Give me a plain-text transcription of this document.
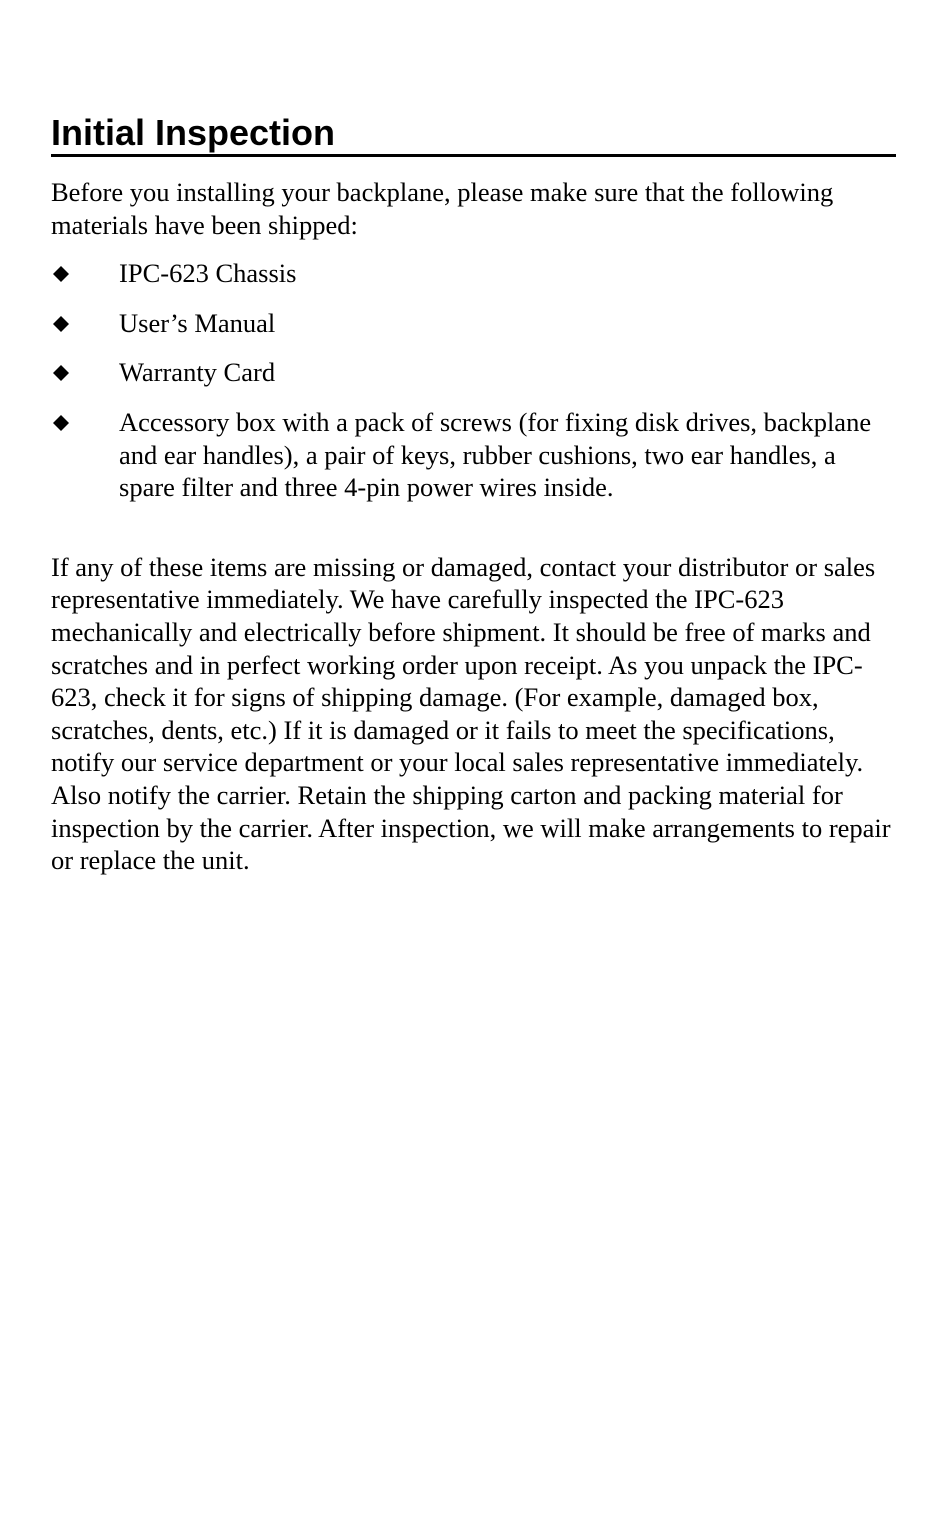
Initial Inspection

Before you installing your backplane, please make sure that the following materials have been shipped:

IPC-623 Chassis
User’s Manual
Warranty Card
Accessory box with a pack of screws (for fixing disk drives, backplane and ear handles), a pair of keys, rubber cushions, two ear handles, a spare filter and three 4-pin power wires inside.

If any of these items are missing or damaged, contact your distributor or sales representative immediately. We have carefully inspected the IPC-623 mechanically and electrically before shipment. It should be free of marks and scratches and in perfect working order upon receipt. As you unpack the IPC-623, check it for signs of shipping damage. (For example, damaged box, scratches, dents, etc.) If it is damaged or it fails to meet the specifications, notify our service department or your local sales representative immediately. Also notify the carrier. Retain the shipping carton and packing material for inspection by the carrier. After inspection, we will make arrangements to repair or replace the unit.
